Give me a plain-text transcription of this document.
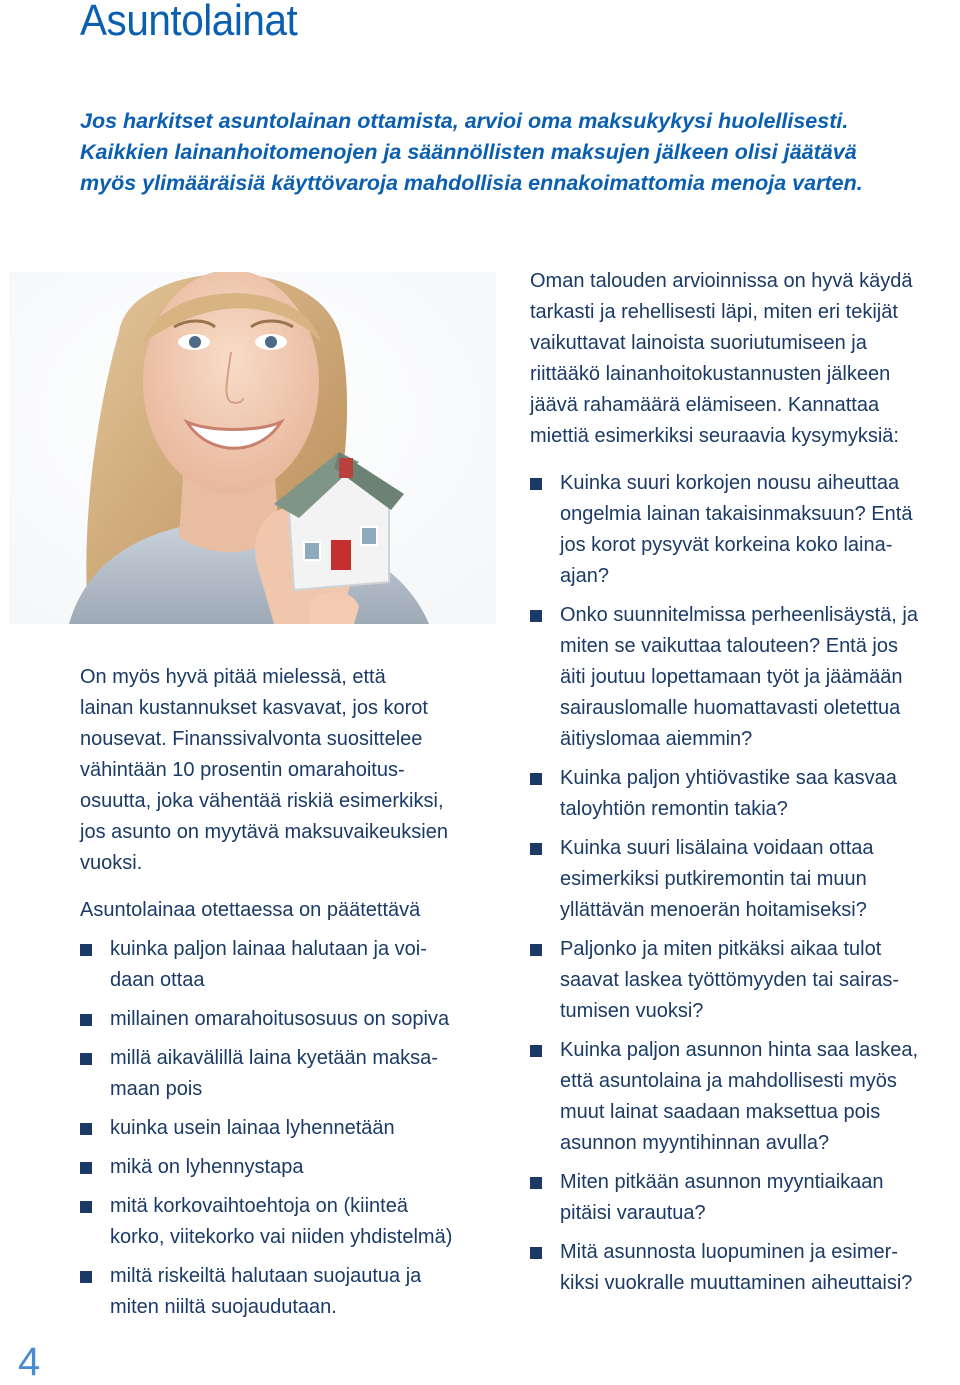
Asuntolainat
Jos harkitset asuntolainan ottamista, arvioi oma maksukykysi huolellisesti.
Kaikkien lainanhoitomenojen ja säännöllisten maksujen jälkeen olisi jäätävä
myös ylimääräisiä käyttövaroja mahdollisia ennakoimattomia menoja varten.

On myös hyvä pitää mielessä, että
lainan kustannukset kasvavat, jos korot
nousevat. Finanssivalvonta suosittelee
vähintään 10 prosentin omarahoitus-
osuutta, joka vähentää riskiä esimerkiksi,
jos asunto on myytävä maksuvaikeuksien
vuoksi.

Asuntolainaa otettaessa on päätettävä

kuinka paljon lainaa halutaan ja voi-
daan ottaa
millainen omarahoitusosuus on sopiva
millä aikavälillä laina kyetään maksa-
maan pois
kuinka usein lainaa lyhennetään
mikä on lyhennystapa
mitä korkovaihtoehtoja on (kiinteä
korko, viitekorko vai niiden yhdistelmä)
miltä riskeiltä halutaan suojautua ja
miten niiltä suojaudutaan.

Oman talouden arvioinnissa on hyvä käydä
tarkasti ja rehellisesti läpi, miten eri tekijät
vaikuttavat lainoista suoriutumiseen ja
riittääkö lainanhoitokustannusten jälkeen
jäävä rahamäärä elämiseen. Kannattaa
miettiä esimerkiksi seuraavia kysymyksiä:

Kuinka suuri korkojen nousu aiheuttaa
ongelmia lainan takaisinmaksuun? Entä
jos korot pysyvät korkeina koko laina-
ajan?
Onko suunnitelmissa perheenlisäystä, ja
miten se vaikuttaa talouteen? Entä jos
äiti joutuu lopettamaan työt ja jäämään
sairauslomalle huomattavasti oletettua
äitiyslomaa aiemmin?
Kuinka paljon yhtiövastike saa kasvaa
taloyhtiön remontin takia?
Kuinka suuri lisälaina voidaan ottaa
esimerkiksi putkiremontin tai muun
yllättävän menoerän hoitamiseksi?
Paljonko ja miten pitkäksi aikaa tulot
saavat laskea työttömyyden tai sairas-
tumisen vuoksi?
Kuinka paljon asunnon hinta saa laskea,
että asuntolaina ja mahdollisesti myös
muut lainat saadaan maksettua pois
asunnon myyntihinnan avulla?
Miten pitkään asunnon myyntiaikaan
pitäisi varautua?
Mitä asunnosta luopuminen ja esimer-
kiksi vuokralle muuttaminen aiheuttaisi?
4
